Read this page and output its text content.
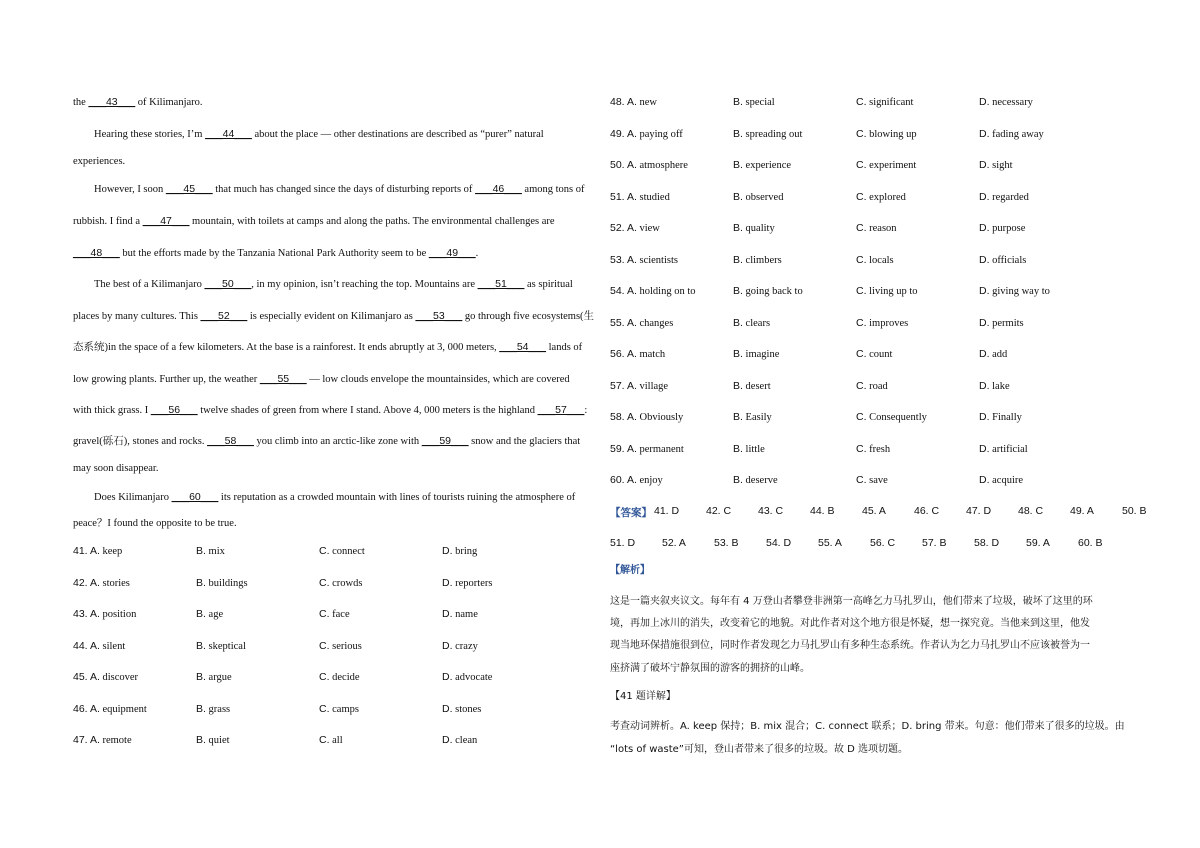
the ___43___ of Kilimanjaro.
Hearing these stories, I’m ___44___ about the place — other destinations are described as “purer” natural
experiences.
However, I soon ___45___ that much has changed since the days of disturbing reports of ___46___ among tons of
rubbish. I find a ___47___ mountain, with toilets at camps and along the paths. The environmental challenges are
___48___ but the efforts made by the Tanzania National Park Authority seem to be ___49___.
The best of a Kilimanjaro ___50___, in my opinion, isn’t reaching the top. Mountains are ___51___ as spiritual
places by many cultures. This ___52___ is especially evident on Kilimanjaro as ___53___ go through five ecosystems(生
态系统)in the space of a few kilometers. At the base is a rainforest. It ends abruptly at 3, 000 meters, ___54___ lands of
low growing plants. Further up, the weather ___55___ — low clouds envelope the mountainsides, which are covered
with thick grass. I ___56___ twelve shades of green from where I stand. Above 4, 000 meters is the highland ___57___:
gravel(砾石), stones and rocks. ___58___ you climb into an arctic-like zone with ___59___ snow and the glaciers that
may soon disappear.
Does Kilimanjaro ___60___ its reputation as a crowded mountain with lines of tourists ruining the atmosphere of
peace？I found the opposite to be true.
41. A. keep	B. mix	C. connect	D. bring
42. A. stories	B. buildings	C. crowds	D. reporters
43. A. position	B. age	C. face	D. name
44. A. silent	B. skeptical	C. serious	D. crazy
45. A. discover	B. argue	C. decide	D. advocate
46. A. equipment	B. grass	C. camps	D. stones
47. A. remote	B. quiet	C. all	D. clean
48. A. new	B. special	C. significant	D. necessary
49. A. paying off	B. spreading out	C. blowing up	D. fading away
50. A. atmosphere	B. experience	C. experiment	D. sight
51. A. studied	B. observed	C. explored	D. regarded
52. A. view	B. quality	C. reason	D. purpose
53. A. scientists	B. climbers	C. locals	D. officials
54. A. holding on to	B. going back to	C. living up to	D. giving way to
55. A. changes	B. clears	C. improves	D. permits
56. A. match	B. imagine	C. count	D. add
57. A. village	B. desert	C. road	D. lake
58. A. Obviously	B. Easily	C. Consequently	D. Finally
59. A. permanent	B. little	C. fresh	D. artificial
60. A. enjoy	B. deserve	C. save	D. acquire
【答案】 41. D	42. C	43. C	44. B	45. A	46. C	47. D	48. C	49. A	50. B
51. D	52. A	53. B	54. D	55. A	56. C	57. B	58. D	59. A	60. B
【解析】
这是一篇夹叙夹议文。每年有 4 万登山者攀登非洲第一高峰乞力马扎罗山，他们带来了垃圾，破坏了这里的环
境，再加上冰川的消失，改变着它的地貌。对此作者对这个地方很是怀疑，想一探究竟。当他来到这里，他发
现当地环保措施很到位，同时作者发现乞力马扎罗山有多种生态系统。作者认为乞力马扎罗山不应该被誉为一
座挤满了破坏宁静氛围的游客的拥挤的山峰。
【41 题详解】
考查动词辨析。A. keep 保持；B. mix 混合；C. connect 联系；D. bring 带来。句意：他们带来了很多的垃圾。由
“lots of waste”可知，登山者带来了很多的垃圾。故 D 选项切题。
